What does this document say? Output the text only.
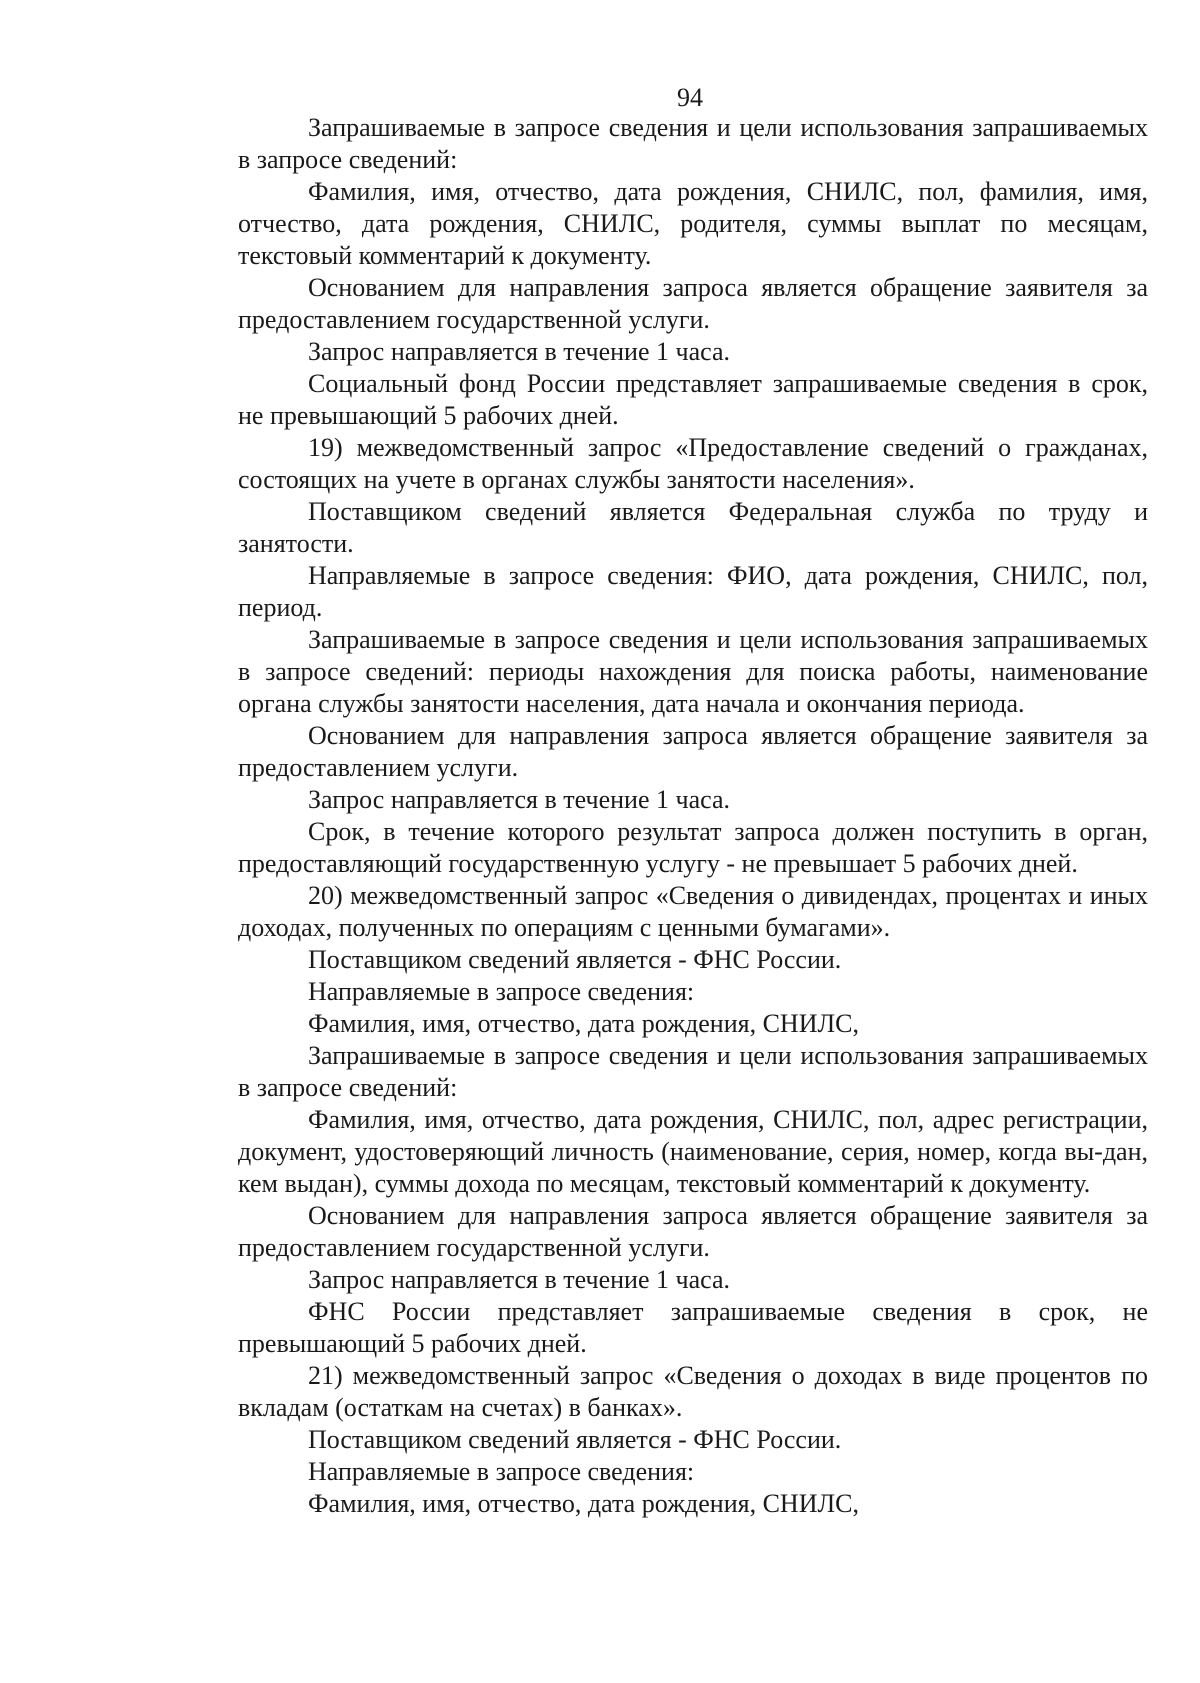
94

Запрашиваемые в запросе сведения и цели использования запрашиваемых в запросе сведений:

Фамилия, имя, отчество, дата рождения, СНИЛС, пол, фамилия, имя, отчество, дата рождения, СНИЛС, родителя, суммы выплат по месяцам, текстовый комментарий к документу.

Основанием для направления запроса является обращение заявителя за предоставлением государственной услуги.

Запрос направляется в течение 1 часа.

Социальный фонд России представляет запрашиваемые сведения в срок, не превышающий 5 рабочих дней.

19) межведомственный запрос «Предоставление сведений о гражданах, состоящих на учете в органах службы занятости населения».

Поставщиком сведений является Федеральная служба по труду и занятости.

Направляемые в запросе сведения: ФИО, дата рождения, СНИЛС, пол, период.

Запрашиваемые в запросе сведения и цели использования запрашиваемых в запросе сведений: периоды нахождения для поиска работы, наименование органа службы занятости населения, дата начала и окончания периода.

Основанием для направления запроса является обращение заявителя за предоставлением услуги.

Запрос направляется в течение 1 часа.

Срок, в течение которого результат запроса должен поступить в орган, предоставляющий государственную услугу - не превышает 5 рабочих дней.

20) межведомственный запрос «Сведения о дивидендах, процентах и иных доходах, полученных по операциям с ценными бумагами».

Поставщиком сведений является - ФНС России.

Направляемые в запросе сведения:

Фамилия, имя, отчество, дата рождения, СНИЛС,

Запрашиваемые в запросе сведения и цели использования запрашиваемых в запросе сведений:

Фамилия, имя, отчество, дата рождения, СНИЛС, пол, адрес регистрации, документ, удостоверяющий личность (наименование, серия, номер, когда вы-дан, кем выдан), суммы дохода по месяцам, текстовый комментарий к документу.

Основанием для направления запроса является обращение заявителя за предоставлением государственной услуги.

Запрос направляется в течение 1 часа.

ФНС России представляет запрашиваемые сведения в срок, не превышающий 5 рабочих дней.

21) межведомственный запрос «Сведения о доходах в виде процентов по вкладам (остаткам на счетах) в банках».

Поставщиком сведений является - ФНС России.

Направляемые в запросе сведения:

Фамилия, имя, отчество, дата рождения, СНИЛС,
